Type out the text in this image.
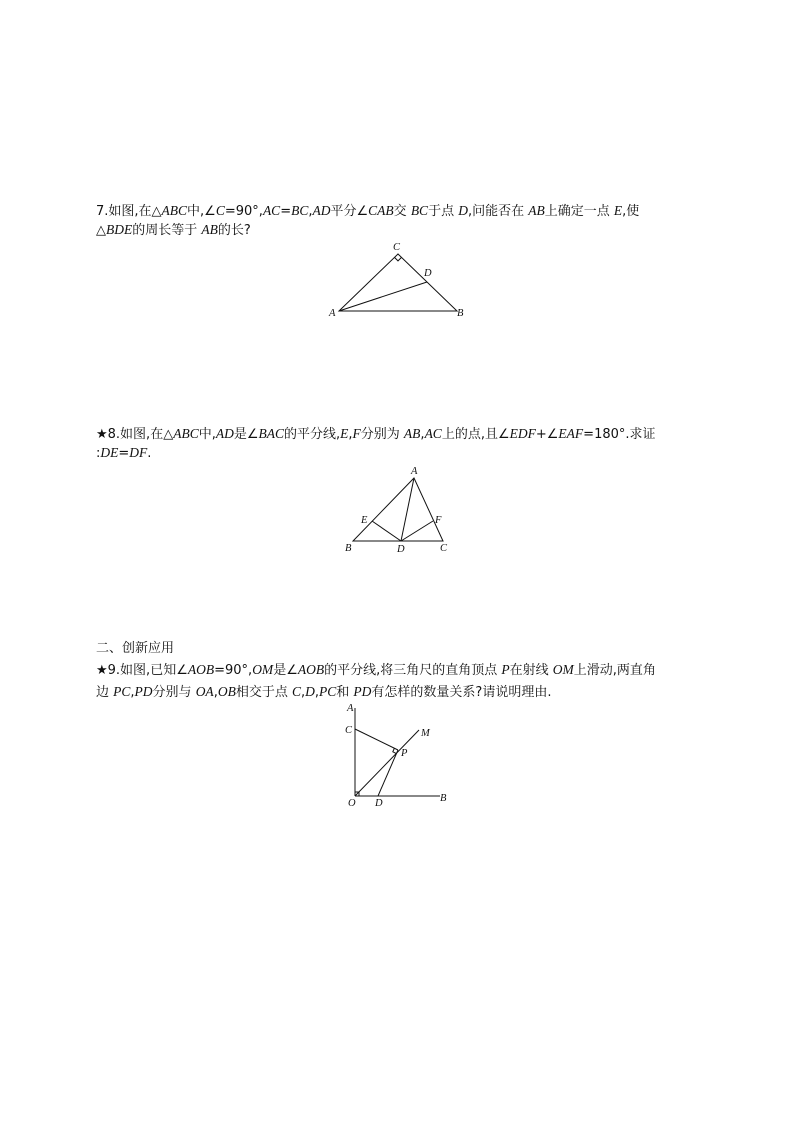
7.如图,在△ABC中,∠C=90°,AC=BC,AD平分∠CAB交 BC于点 D,问能否在 AB上确定一点 E,使
△BDE的周长等于 AB的长?
C
D
A	B
★8.如图,在△ABC中,AD是∠BAC的平分线,E,F分别为 AB,AC上的点,且∠EDF+∠EAF=180°.求证
:DE=DF.
A
E	F
B	D	C
二、创新应用
★9.如图,已知∠AOB=90°,OM是∠AOB的平分线,将三角尺的直角顶点 P在射线 OM上滑动,两直角
边 PC,PD分别与 OA,OB相交于点 C,D,PC和 PD有怎样的数量关系?请说明理由.
A
C	M
P
O D	B
